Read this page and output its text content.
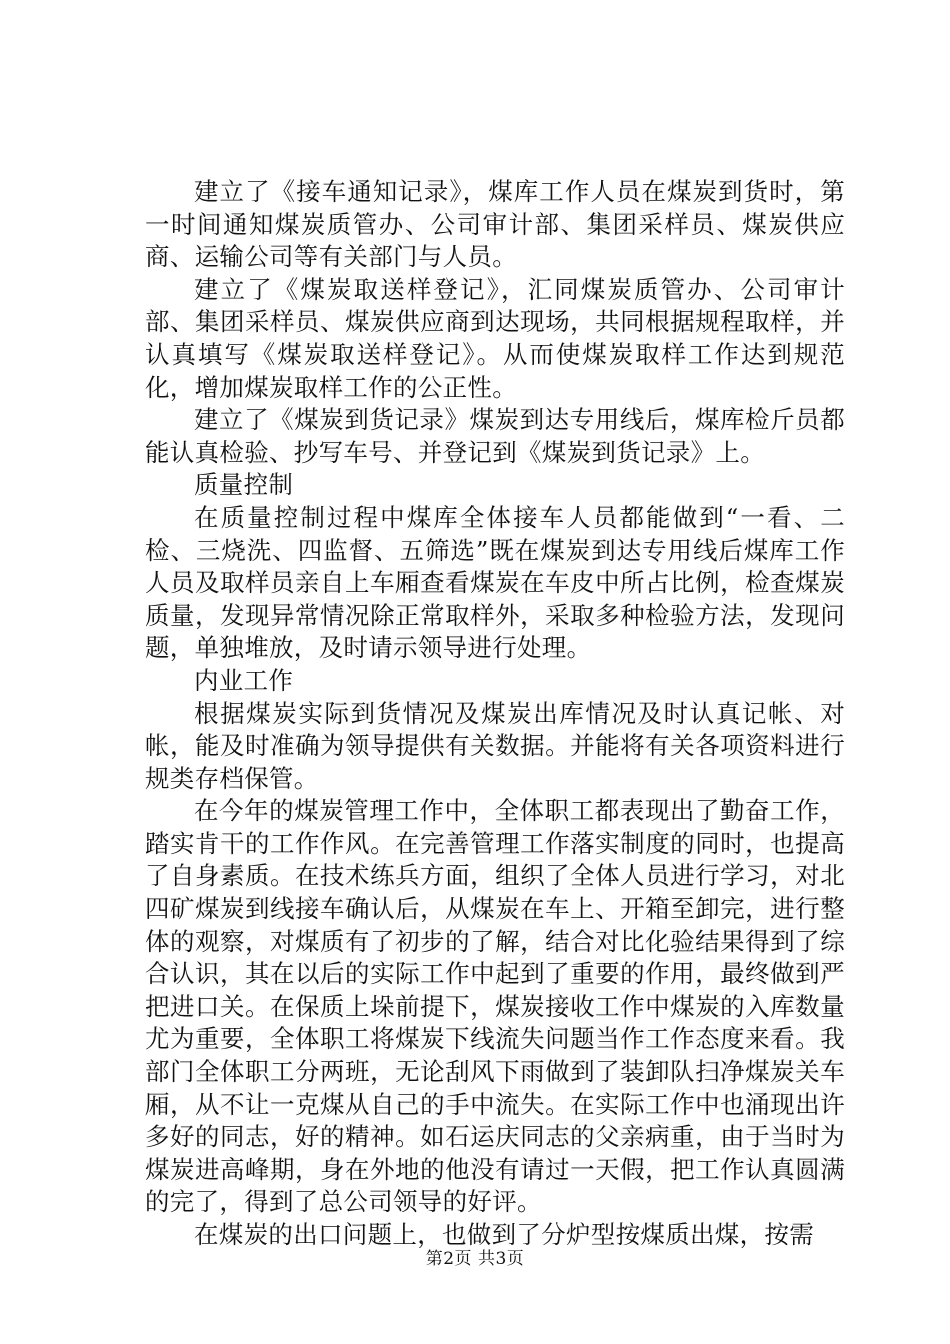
建立了《接车通知记录》，煤库工作人员在煤炭到货时，第一时间通知煤炭质管办、公司审计部、集团采样员、煤炭供应商、运输公司等有关部门与人员。

建立了《煤炭取送样登记》，汇同煤炭质管办、公司审计部、集团采样员、煤炭供应商到达现场，共同根据规程取样，并认真填写《煤炭取送样登记》。从而使煤炭取样工作达到规范化，增加煤炭取样工作的公正性。

建立了《煤炭到货记录》煤炭到达专用线后，煤库检斤员都能认真检验、抄写车号、并登记到《煤炭到货记录》上。

质量控制

在质量控制过程中煤库全体接车人员都能做到“一看、二检、三烧洗、四监督、五筛选”既在煤炭到达专用线后煤库工作人员及取样员亲自上车厢查看煤炭在车皮中所占比例，检查煤炭质量，发现异常情况除正常取样外，采取多种检验方法，发现问题，单独堆放，及时请示领导进行处理。

内业工作

根据煤炭实际到货情况及煤炭出库情况及时认真记帐、对帐，能及时准确为领导提供有关数据。并能将有关各项资料进行规类存档保管。

在今年的煤炭管理工作中，全体职工都表现出了勤奋工作，踏实肯干的工作作风。在完善管理工作落实制度的同时，也提高了自身素质。在技术练兵方面，组织了全体人员进行学习，对北四矿煤炭到线接车确认后，从煤炭在车上、开箱至卸完，进行整体的观察，对煤质有了初步的了解，结合对比化验结果得到了综合认识，其在以后的实际工作中起到了重要的作用，最终做到严把进口关。在保质上垛前提下，煤炭接收工作中煤炭的入库数量尤为重要，全体职工将煤炭下线流失问题当作工作态度来看。我部门全体职工分两班，无论刮风下雨做到了装卸队扫净煤炭关车厢，从不让一克煤从自己的手中流失。在实际工作中也涌现出许多好的同志，好的精神。如石运庆同志的父亲病重，由于当时为煤炭进高峰期，身在外地的他没有请过一天假，把工作认真圆满的完了，得到了总公司领导的好评。

在煤炭的出口问题上，也做到了分炉型按煤质出煤，按需

第2页 共3页
